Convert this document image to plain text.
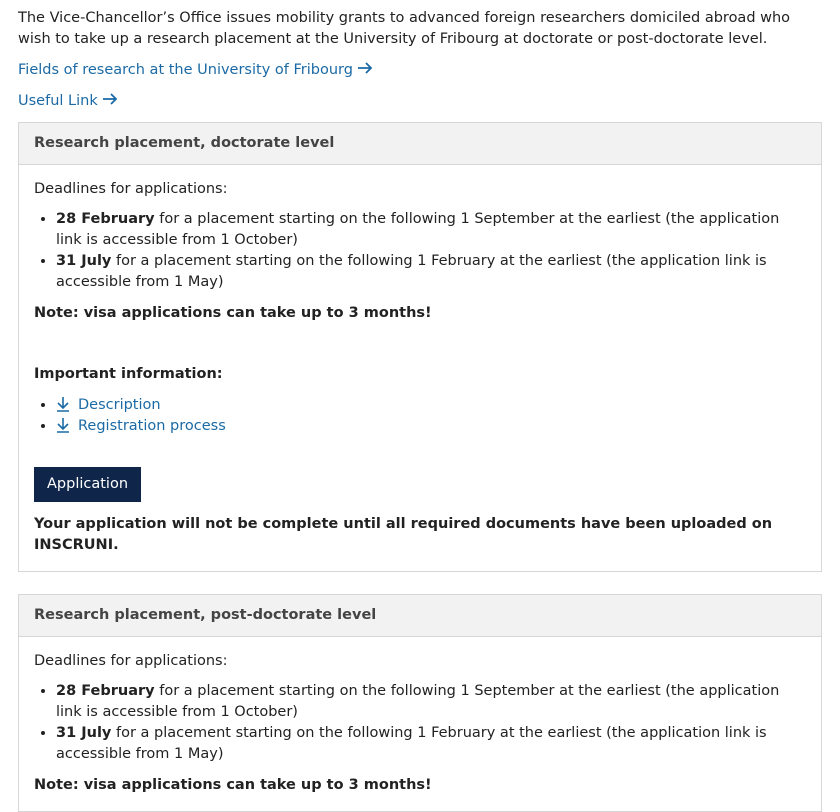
The Vice-Chancellor’s Office issues mobility grants to advanced foreign researchers domiciled abroad who wish to take up a research placement at the University of Fribourg at doctorate or post-doctorate level.

Fields of research at the University of Fribourg
Useful Link
Research placement, doctorate level
Deadlines for applications:
• 28 February for a placement starting on the following 1 September at the earliest (the application link is accessible from 1 October)
• 31 July for a placement starting on the following 1 February at the earliest (the application link is accessible from 1 May)
Note: visa applications can take up to 3 months!
Important information:
• Description
• Registration process
Application
Your application will not be complete until all required documents have been uploaded on INSCRUNI.
Research placement, post-doctorate level
Deadlines for applications:
• 28 February for a placement starting on the following 1 September at the earliest (the application link is accessible from 1 October)
• 31 July for a placement starting on the following 1 February at the earliest (the application link is accessible from 1 May)
Note: visa applications can take up to 3 months!
